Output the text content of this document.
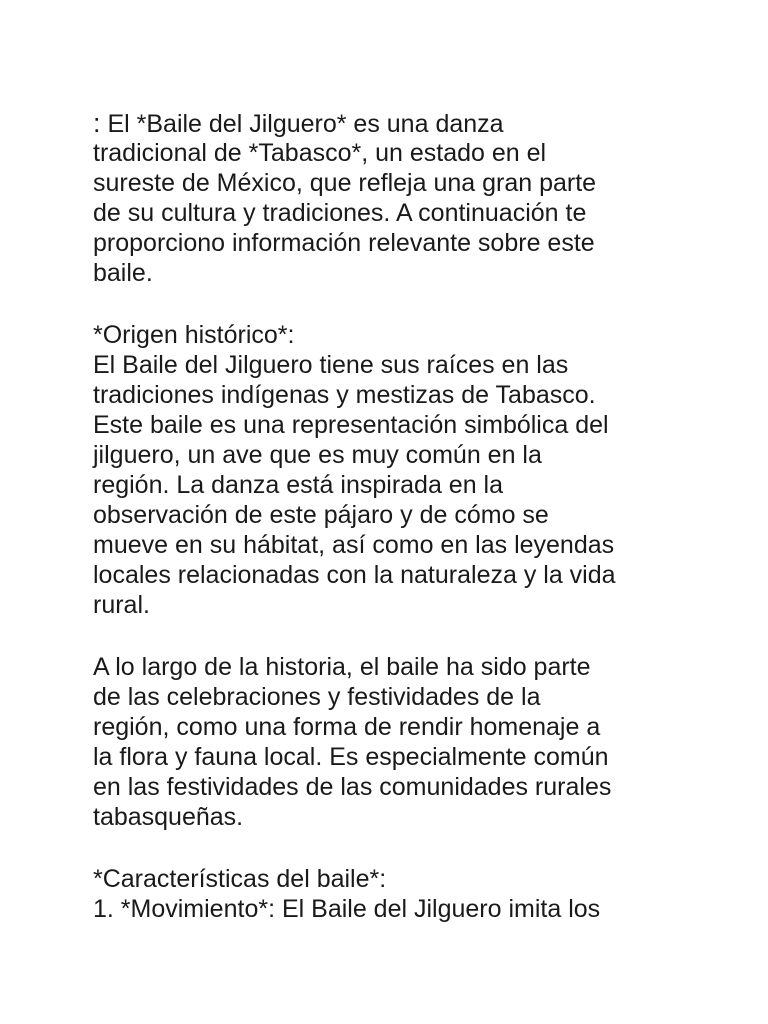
: El *Baile del Jilguero* es una danza
tradicional de *Tabasco*, un estado en el
sureste de México, que refleja una gran parte
de su cultura y tradiciones. A continuación te
proporciono información relevante sobre este
baile.
*Origen histórico*:
El Baile del Jilguero tiene sus raíces en las
tradiciones indígenas y mestizas de Tabasco.
Este baile es una representación simbólica del
jilguero, un ave que es muy común en la
región. La danza está inspirada en la
observación de este pájaro y de cómo se
mueve en su hábitat, así como en las leyendas
locales relacionadas con la naturaleza y la vida
rural.
A lo largo de la historia, el baile ha sido parte
de las celebraciones y festividades de la
región, como una forma de rendir homenaje a
la flora y fauna local. Es especialmente común
en las festividades de las comunidades rurales
tabasqueñas.
*Características del baile*:
1. *Movimiento*: El Baile del Jilguero imita los
